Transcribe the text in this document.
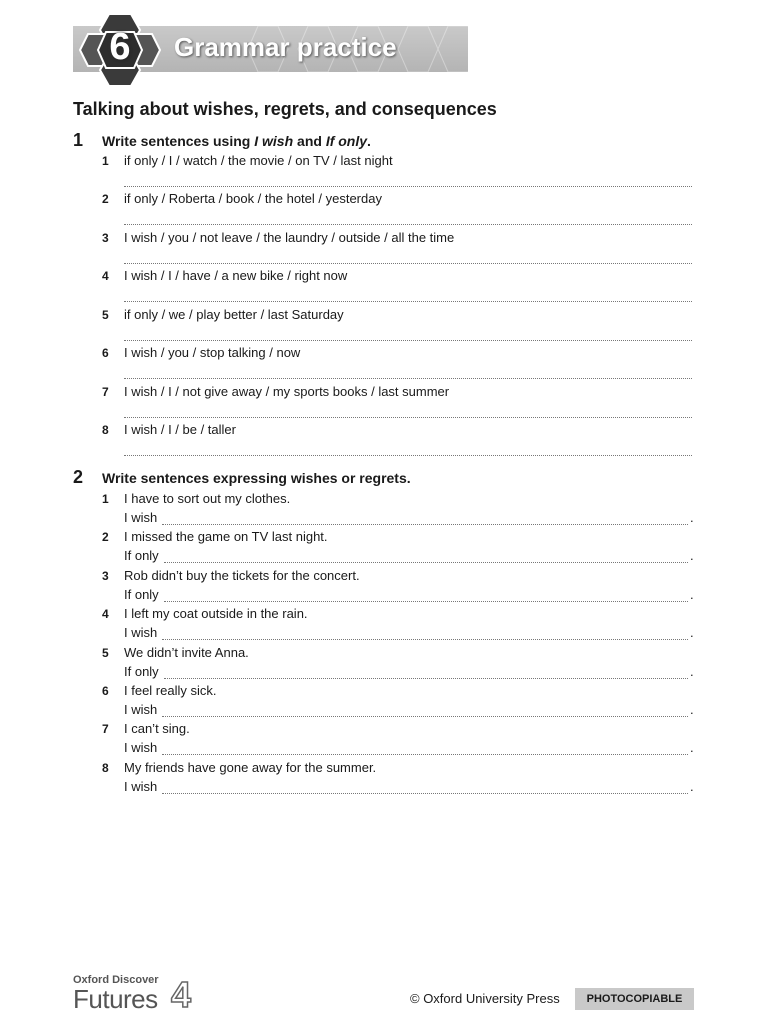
6	Grammar practice
Talking about wishes, regrets, and consequences
1 Write sentences using I wish and If only.
1 if only / I / watch / the movie / on TV / last night
2 if only / Roberta / book / the hotel / yesterday
3 I wish / you / not leave / the laundry / outside / all the time
4 I wish / I / have / a new bike / right now
5 if only / we / play better / last Saturday
6 I wish / you / stop talking / now
7 I wish / I / not give away / my sports books / last summer
8 I wish / I / be / taller
2 Write sentences expressing wishes or regrets.
1 I have to sort out my clothes.
I wish	.
2 I missed the game on TV last night.
If only	.
3 Rob didn’t buy the tickets for the concert.
If only	.
4 I left my coat outside in the rain.
I wish	.
5 We didn’t invite Anna.
If only	.
6 I feel really sick.
I wish	.
7 I can’t sing.
I wish	.
8 My friends have gone away for the summer.
I wish	.
Oxford Discover
Futures 4	© Oxford University Press	PHOTOCOPIABLE
